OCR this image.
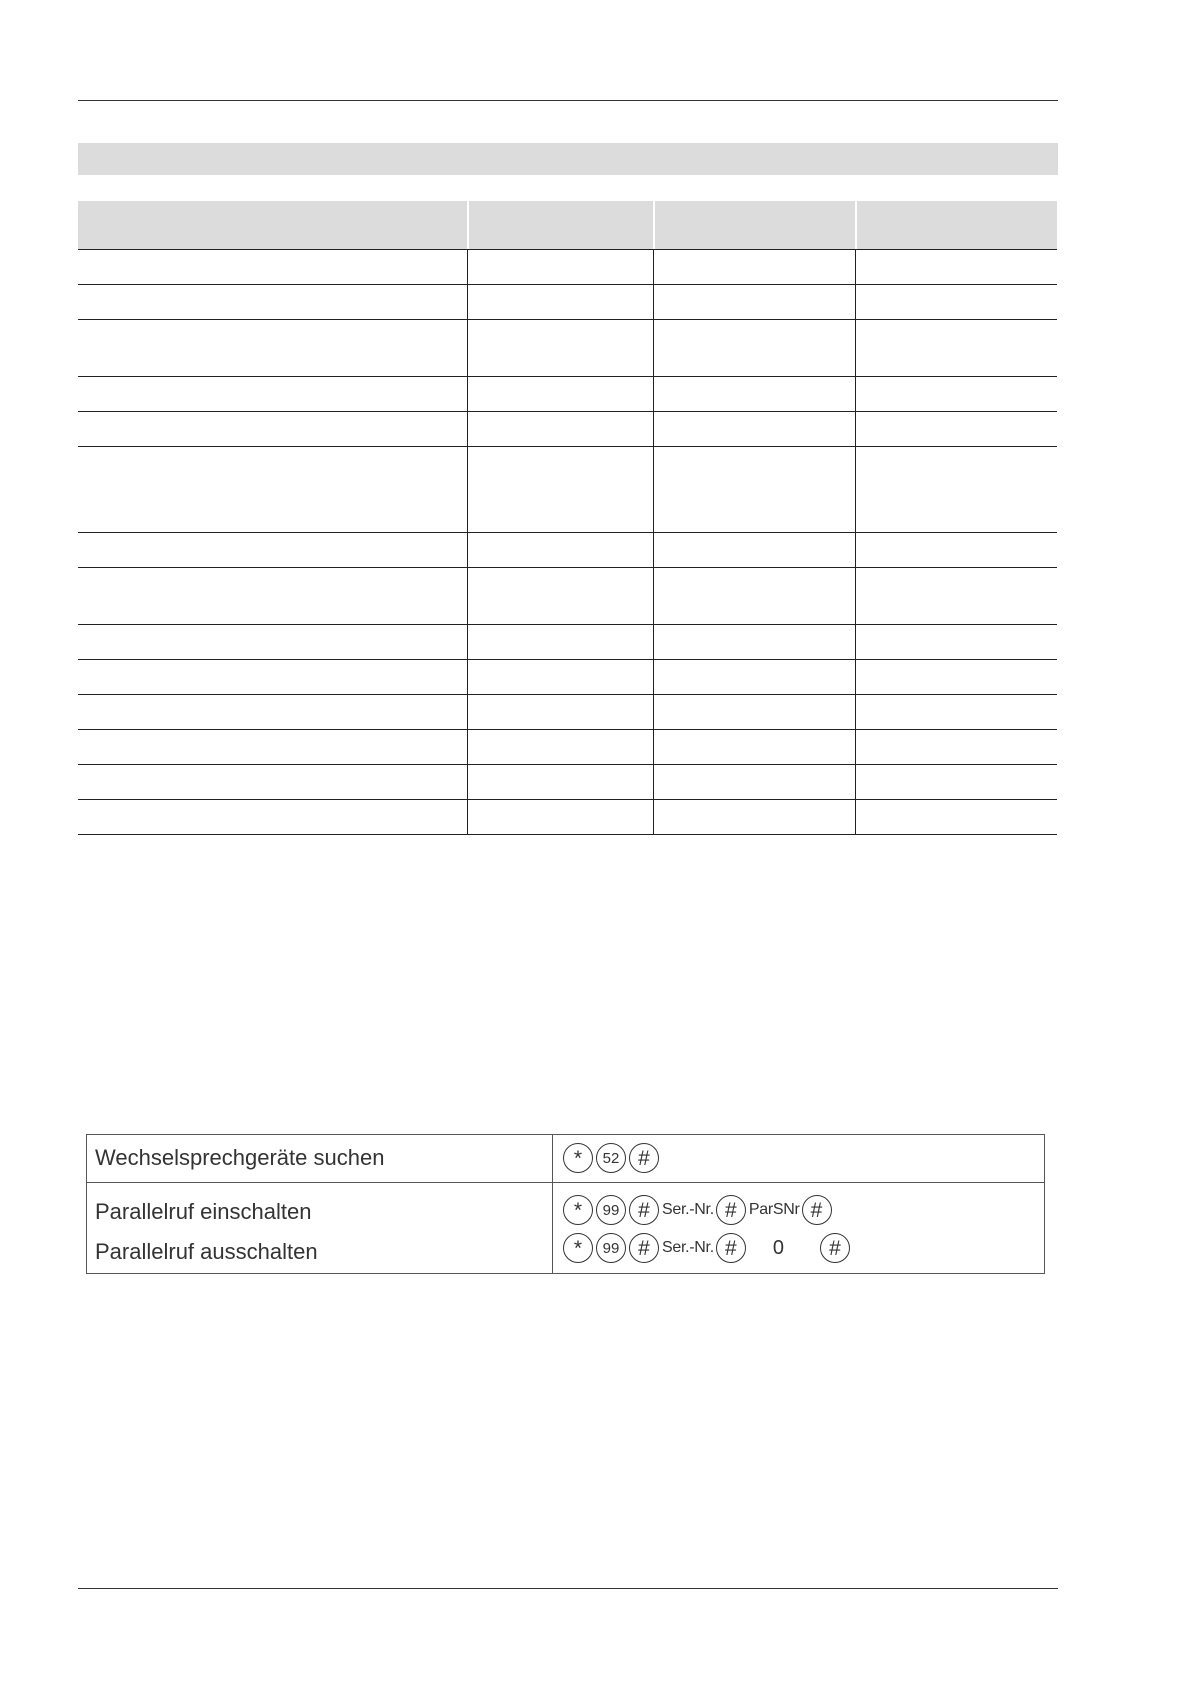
Wechselsprechgeräte suchen	*	52 #
Parallelruf einschalten	*	99 # Ser.-Nr. # ParSNr #
Parallelruf ausschalten	*	99 # Ser.-Nr. #	0	#
